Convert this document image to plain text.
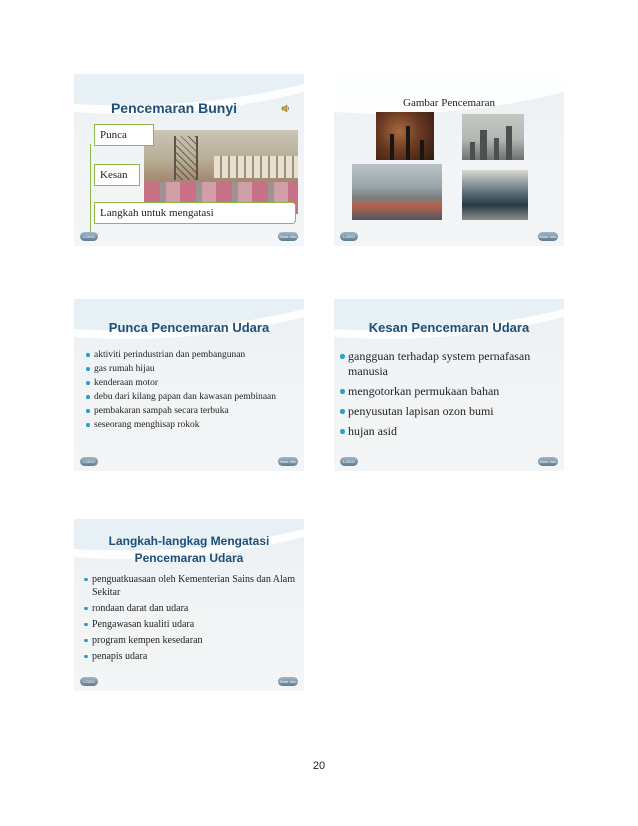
Pencemaran Bunyi
Punca
Kesan
Langkah untuk mengatasi
LOGO	More Info
Gambar Pencemaran
LOGO	More Info
Punca Pencemaran Udara
aktiviti perindustrian dan pembangunan
gas rumah hijau
kenderaan motor
debu dari kilang papan dan kawasan pembinaan
pembakaran sampah secara terbuka
seseorang menghisap rokok
LOGO	More Info
Kesan Pencemaran Udara
gangguan terhadap system pernafasan manusia
mengotorkan permukaan bahan
penyusutan lapisan ozon bumi
hujan asid
LOGO	More Info
Langkah-langkag Mengatasi
Pencemaran Udara
penguatkuasaan oleh Kementerian Sains dan Alam Sekitar
rondaan darat dan udara
Pengawasan kualiti udara
program kempen kesedaran
penapis udara
LOGO	More Info
20
